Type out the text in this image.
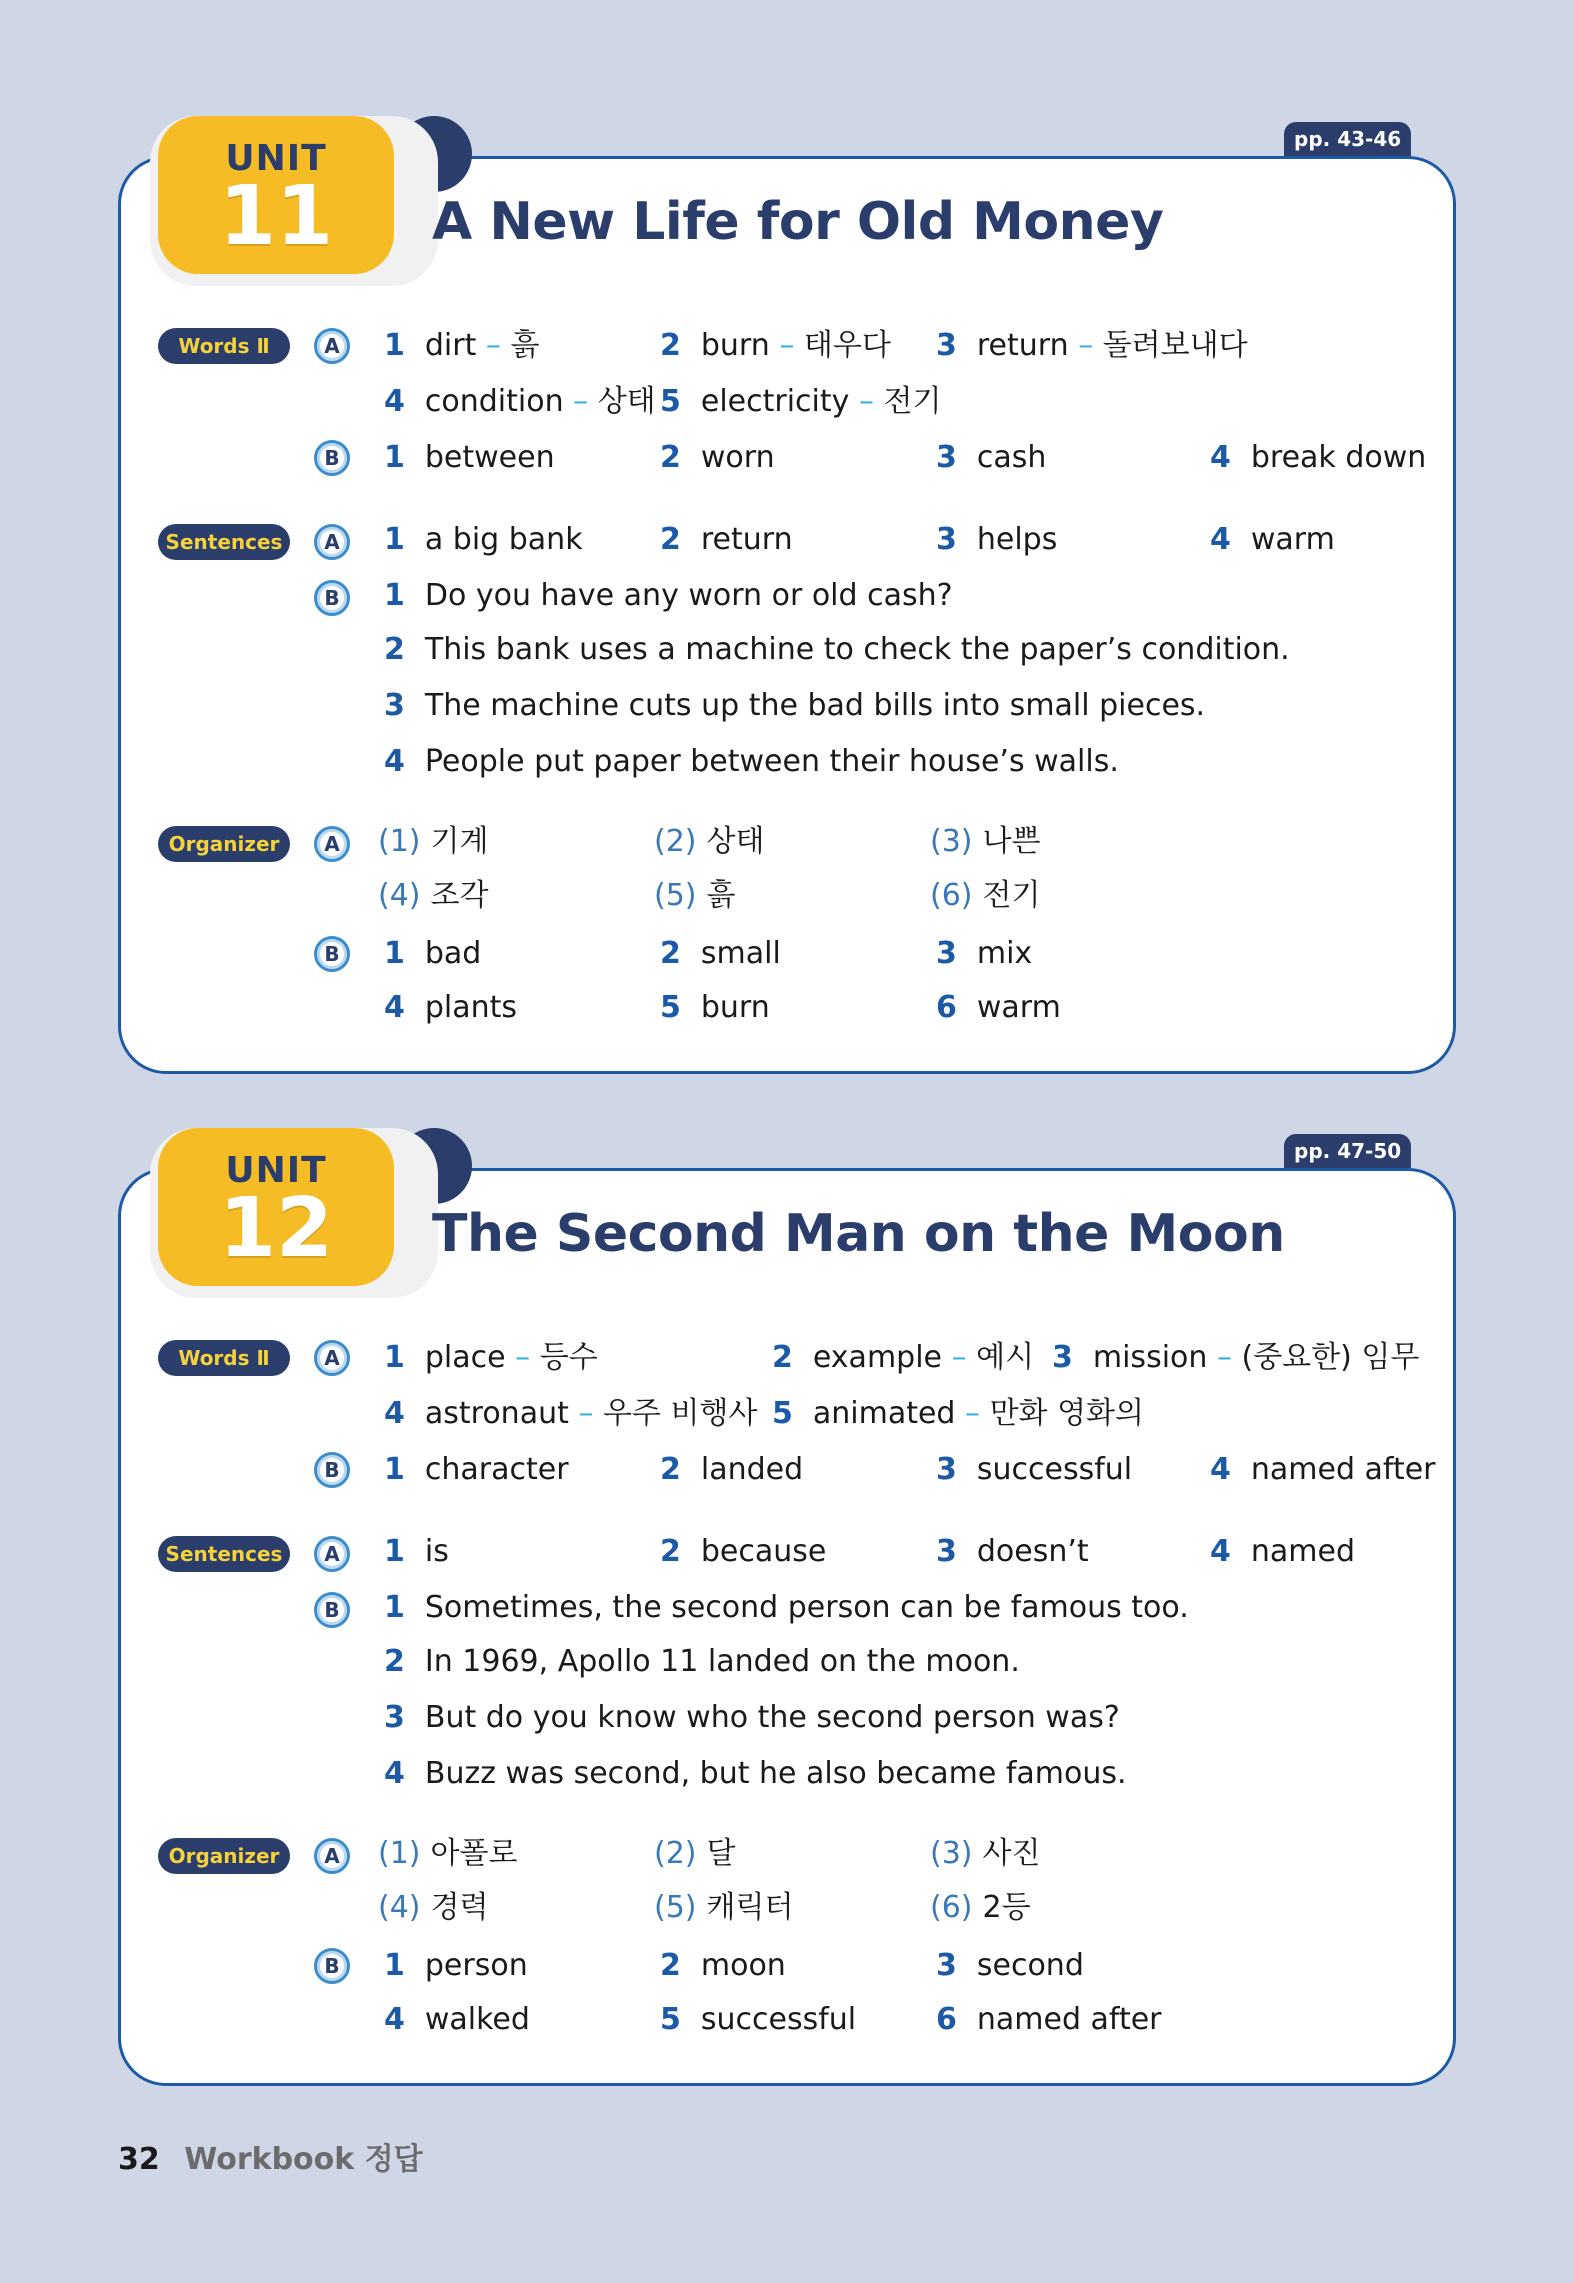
UNIT
11
pp. 43-46
A New Life for Old Money
Words Ⅱ	A	1 dirt – 흙	2 burn – 태우다 3 return – 돌려보내다
4 condition – 상태 5 electricity – 전기
B	1 between	2 worn	3 cash	4 break down
Sentences	A	1 a big bank	2 return	3 helps	4 warm
B	1 Do you have any worn or old cash?
2 This bank uses a machine to check the paper’s condition.
3 The machine cuts up the bad bills into small pieces.
4 People put paper between their house’s walls.
Organizer	A	(1) 기계	(2) 상태	(3) 나쁜
(4) 조각	(5) 흙	(6) 전기
B	1 bad	2 small	3 mix
4 plants	5 burn	6 warm
UNIT
12
pp. 47-50
The Second Man on the Moon
Words Ⅱ	A	1 place – 등수	2 example – 예시 3 mission – (중요한) 임무
4 astronaut – 우주 비행사 5 animated – 만화 영화의
B	1 character	2 landed	3 successful	4 named after
Sentences	A	1 is	2 because	3 doesn’t	4 named
B	1 Sometimes, the second person can be famous too.
2 In 1969, Apollo 11 landed on the moon.
3 But do you know who the second person was?
4 Buzz was second, but he also became famous.
Organizer	A	(1) 아폴로	(2) 달	(3) 사진
(4) 경력	(5) 캐릭터	(6) 2등
B	1 person	2 moon	3 second
4 walked	5 successful	6 named after
32 Workbook 정답
